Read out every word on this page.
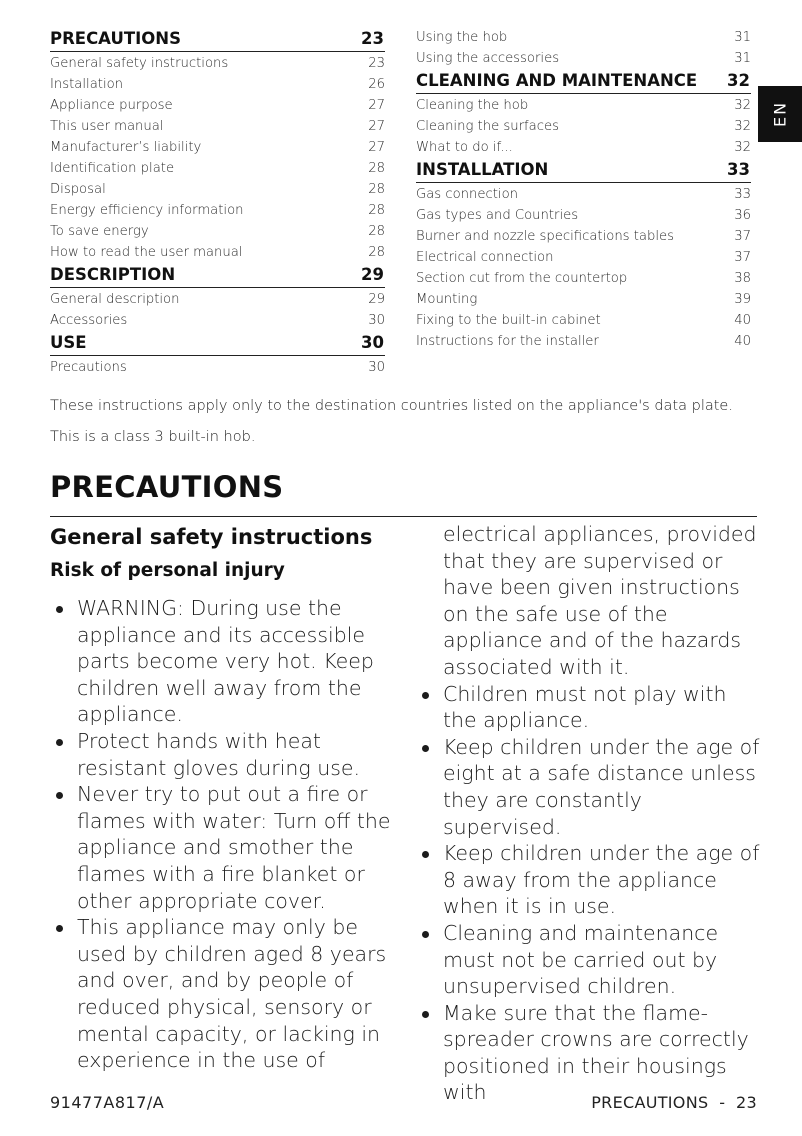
PRECAUTIONS	23
General safety instructions	23
Installation	26
Appliance purpose	27
This user manual	27
Manufacturer’s liability	27
Identification plate	28
Disposal	28
Energy efficiency information	28
To save energy	28
How to read the user manual	28
DESCRIPTION	29
General description	29
Accessories	30
USE	30
Precautions	30
Using the hob	31
Using the accessories	31
CLEANING AND MAINTENANCE 32
Cleaning the hob	32
Cleaning the surfaces	32
What to do if...	32
INSTALLATION	33
Gas connection	33
Gas types and Countries	36
Burner and nozzle specifications tables	37
Electrical connection	37
Section cut from the countertop	38
Mounting	39
Fixing to the built-in cabinet	40
Instructions for the installer	40
EN
These instructions apply only to the destination countries listed on the appliance's data plate.
This is a class 3 built-in hob.
PRECAUTIONS
General safety instructions
Risk of personal injury
WARNING: During use the appliance and its accessible parts become very hot. Keep children well away from the appliance.
Protect hands with heat resistant gloves during use.
Never try to put out a fire or flames with water: Turn off the appliance and smother the flames with a fire blanket or other appropriate cover.
This appliance may only be used by children aged 8 years and over, and by people of reduced physical, sensory or mental capacity, or lacking in experience in the use of
electrical appliances, provided that they are supervised or have been given instructions on the safe use of the appliance and of the hazards associated with it.
Children must not play with the appliance.
Keep children under the age of eight at a safe distance unless they are constantly supervised.
Keep children under the age of 8 away from the appliance when it is in use.
Cleaning and maintenance must not be carried out by unsupervised children.
Make sure that the flame-spreader crowns are correctly positioned in their housings with
91477A817/A	PRECAUTIONS  -  23
